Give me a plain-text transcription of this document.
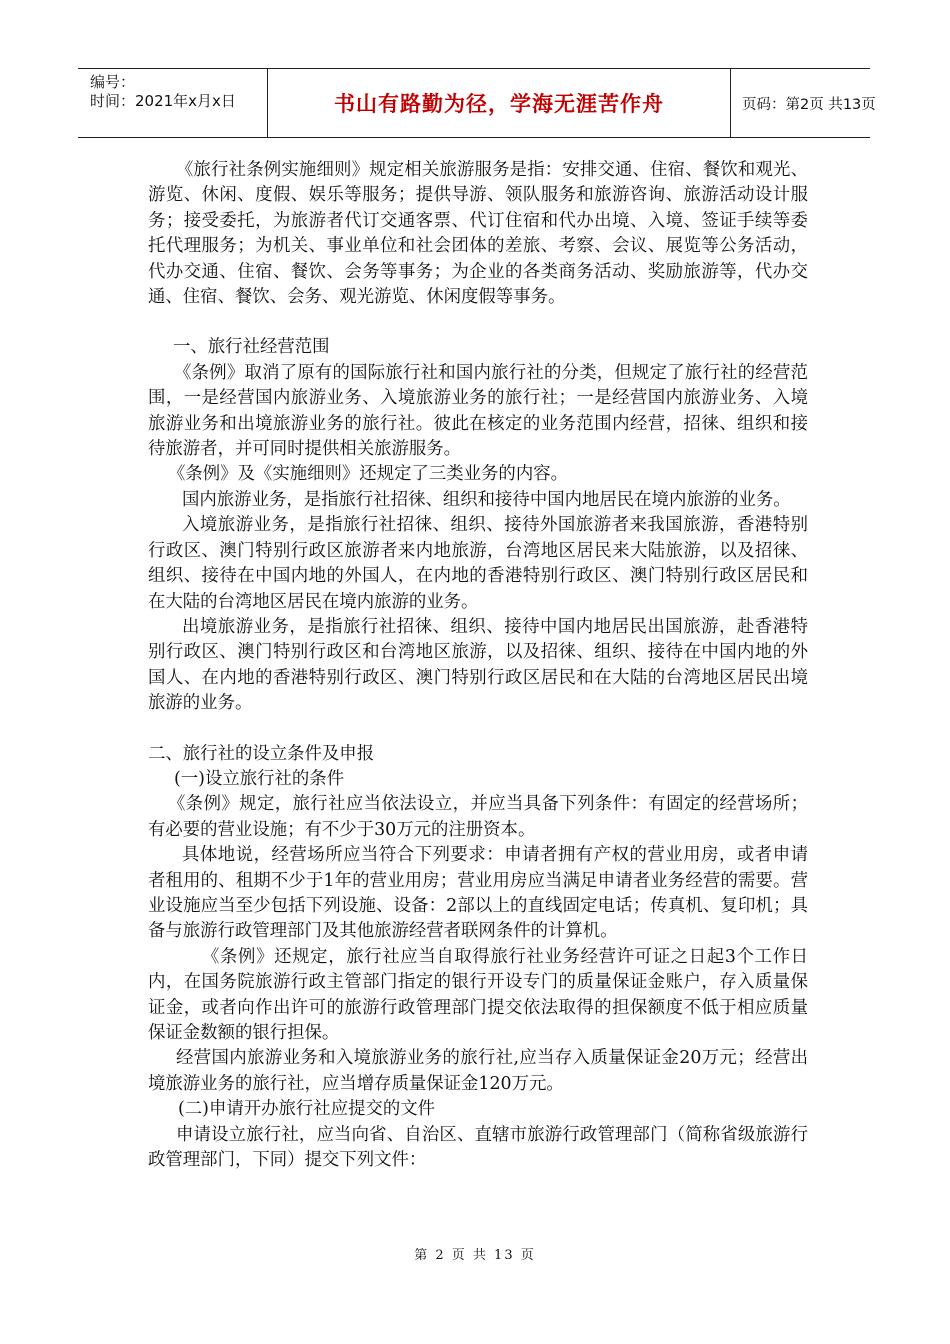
编号：
时间：2021年x月x日	书山有路勤为径，学海无涯苦作舟	页码：第2页 共13页

《旅行社条例实施细则》规定相关旅游服务是指：安排交通、住宿、餐饮和观光、游览、休闲、度假、娱乐等服务；提供导游、领队服务和旅游咨询、旅游活动设计服务；接受委托，为旅游者代订交通客票、代订住宿和代办出境、入境、签证手续等委托代理服务；为机关、事业单位和社会团体的差旅、考察、会议、展览等公务活动，代办交通、住宿、餐饮、会务等事务；为企业的各类商务活动、奖励旅游等，代办交通、住宿、餐饮、会务、观光游览、休闲度假等事务。

一、旅行社经营范围

《条例》取消了原有的国际旅行社和国内旅行社的分类，但规定了旅行社的经营范围，一是经营国内旅游业务、入境旅游业务的旅行社；一是经营国内旅游业务、入境旅游业务和出境旅游业务的旅行社。彼此在核定的业务范围内经营，招徕、组织和接待旅游者，并可同时提供相关旅游服务。

《条例》及《实施细则》还规定了三类业务的内容。

国内旅游业务，是指旅行社招徕、组织和接待中国内地居民在境内旅游的业务。

入境旅游业务，是指旅行社招徕、组织、接待外国旅游者来我国旅游，香港特别行政区、澳门特别行政区旅游者来内地旅游，台湾地区居民来大陆旅游，以及招徕、组织、接待在中国内地的外国人，在内地的香港特别行政区、澳门特别行政区居民和在大陆的台湾地区居民在境内旅游的业务。

出境旅游业务，是指旅行社招徕、组织、接待中国内地居民出国旅游，赴香港特别行政区、澳门特别行政区和台湾地区旅游，以及招徕、组织、接待在中国内地的外国人、在内地的香港特别行政区、澳门特别行政区居民和在大陆的台湾地区居民出境旅游的业务。

二、旅行社的设立条件及申报

(一)设立旅行社的条件

《条例》规定，旅行社应当依法设立，并应当具备下列条件：有固定的经营场所；有必要的营业设施；有不少于30万元的注册资本。

具体地说，经营场所应当符合下列要求：申请者拥有产权的营业用房，或者申请者租用的、租期不少于1年的营业用房；营业用房应当满足申请者业务经营的需要。营业设施应当至少包括下列设施、设备：2部以上的直线固定电话；传真机、复印机；具备与旅游行政管理部门及其他旅游经营者联网条件的计算机。

《条例》还规定，旅行社应当自取得旅行社业务经营许可证之日起3个工作日内，在国务院旅游行政主管部门指定的银行开设专门的质量保证金账户，存入质量保证金，或者向作出许可的旅游行政管理部门提交依法取得的担保额度不低于相应质量保证金数额的银行担保。

经营国内旅游业务和入境旅游业务的旅行社,应当存入质量保证金20万元；经营出境旅游业务的旅行社，应当增存质量保证金120万元。

(二)申请开办旅行社应提交的文件

申请设立旅行社，应当向省、自治区、直辖市旅游行政管理部门（简称省级旅游行政管理部门，下同）提交下列文件：

第 2 页 共 13 页
